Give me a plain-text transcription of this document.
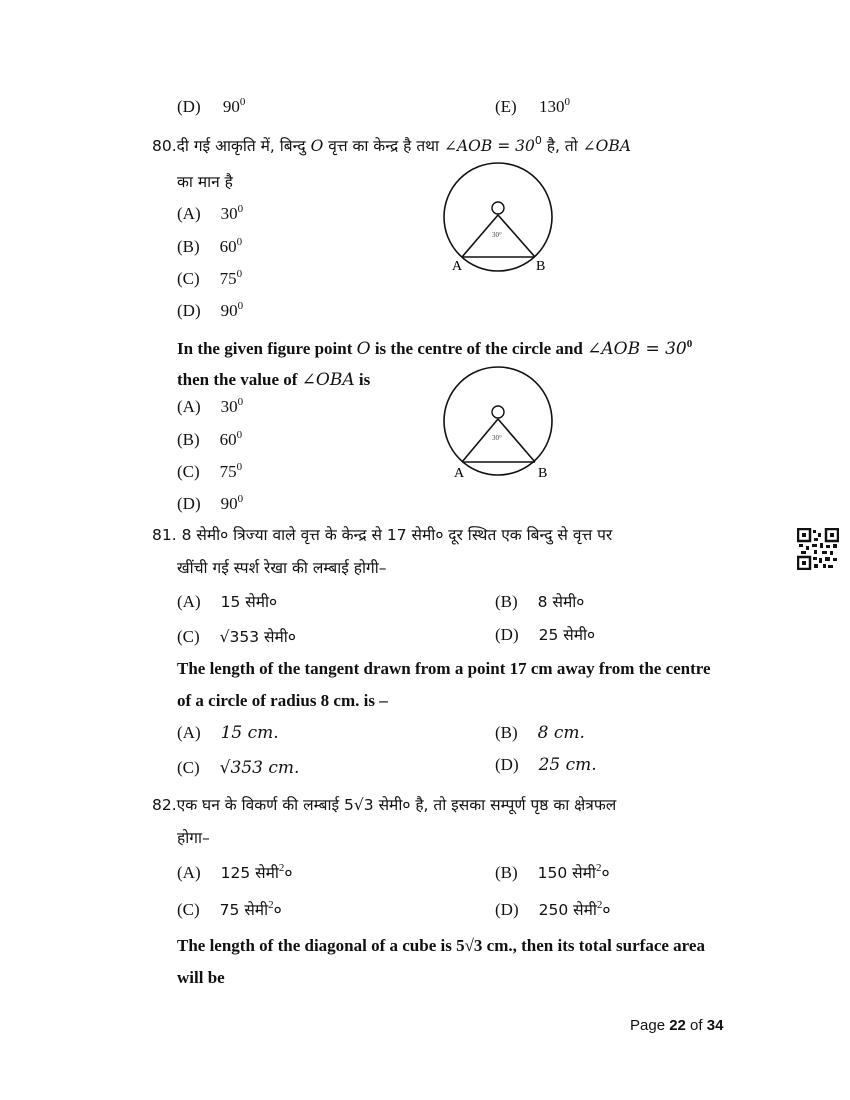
(D) $90^0$	(E) $130^0$
80.दी गई आकृति में, बिन्दु O वृत्त का केन्द्र है तथा ∠AOB = $30^0$ है, तो ∠OBA
का मान है
(A) $30^0$
(B) $60^0$
(C) $75^0$
(D) $90^0$
30°
A	B
In the given figure point O is the centre of the circle and ∠AOB = $30^0$
then the value of ∠OBA is
(A) $30^0$
(B) $60^0$
(C) $75^0$
(D) $90^0$
30°
A	B
81. 8 सेमी० त्रिज्या वाले वृत्त के केन्द्र से 17 सेमी० दूर स्थित एक बिन्दु से वृत्त पर
खींची गई स्पर्श रेखा की लम्बाई होगी–
(A) 15 सेमी०	(B) 8 सेमी०
(C) √353 सेमी०	(D) 25 सेमी०
The length of the tangent drawn from a point 17 cm away from the centre
of a circle of radius 8 cm. is –
(A) 15 cm.	(B) 8 cm.
(C) √353 cm.	(D) 25 cm.
82.एक घन के विकर्ण की लम्बाई 5√3 सेमी० है, तो इसका सम्पूर्ण पृष्ठ का क्षेत्रफल
होगा–
(A) 125 सेमी$^2$०	(B) 150 सेमी$^2$०
(C) 75 सेमी$^2$०	(D) 250 सेमी$^2$०
The length of the diagonal of a cube is 5√3 cm., then its total surface area
will be
Page 22 of 34
